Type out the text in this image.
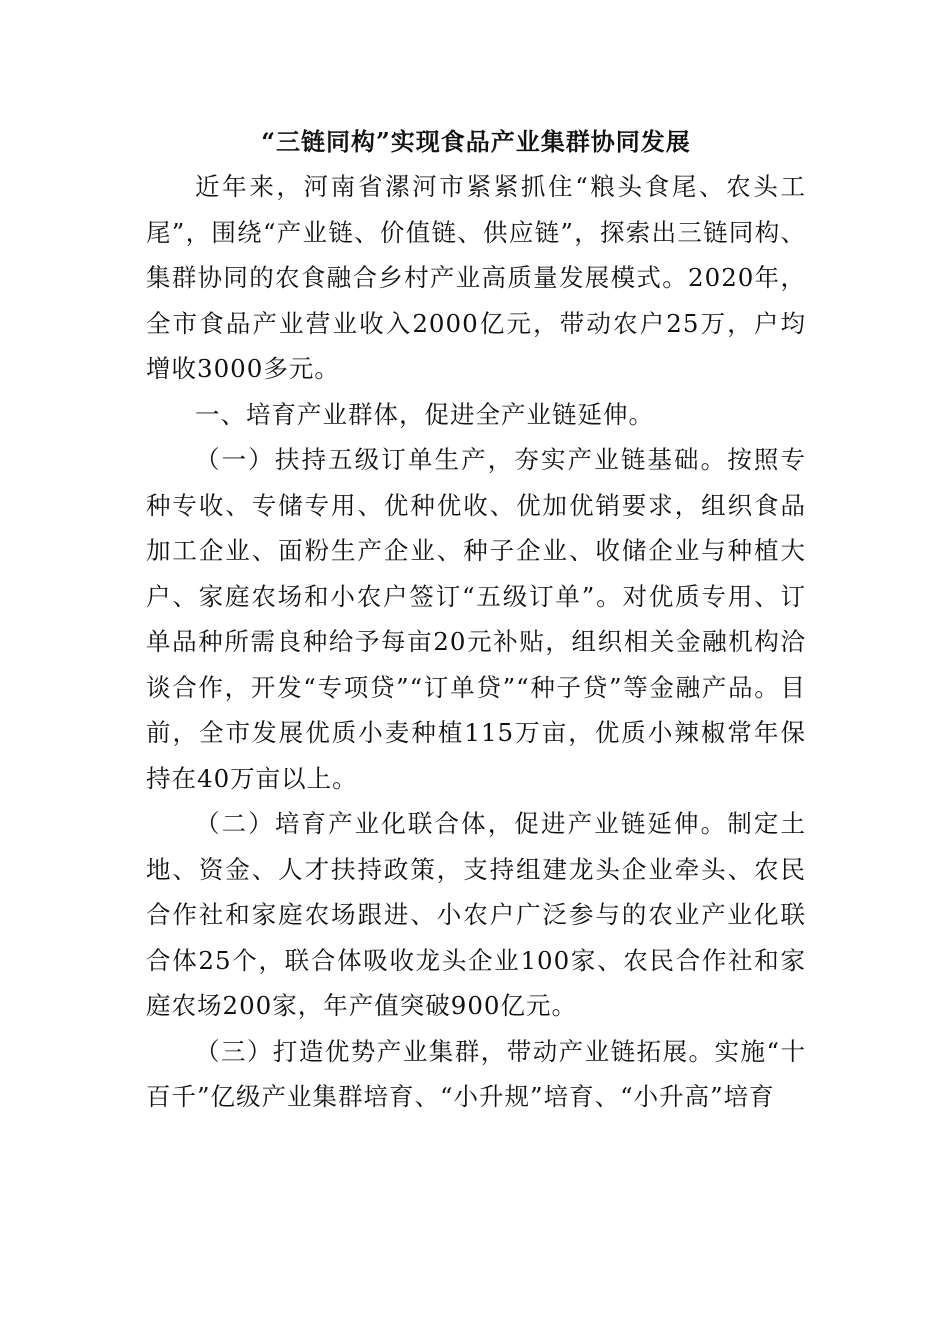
“三链同构”实现食品产业集群协同发展

近年来，河南省漯河市紧紧抓住“粮头食尾、农头工尾”，围绕“产业链、价值链、供应链”，探索出三链同构、集群协同的农食融合乡村产业高质量发展模式。2020年，全市食品产业营业收入2000亿元，带动农户25万，户均增收3000多元。

一、培育产业群体，促进全产业链延伸。

（一）扶持五级订单生产，夯实产业链基础。按照专种专收、专储专用、优种优收、优加优销要求，组织食品加工企业、面粉生产企业、种子企业、收储企业与种植大户、家庭农场和小农户签订“五级订单”。对优质专用、订单品种所需良种给予每亩20元补贴，组织相关金融机构洽谈合作，开发“专项贷”“订单贷”“种子贷”等金融产品。目前，全市发展优质小麦种植115万亩，优质小辣椒常年保持在40万亩以上。

（二）培育产业化联合体，促进产业链延伸。制定土地、资金、人才扶持政策，支持组建龙头企业牵头、农民合作社和家庭农场跟进、小农户广泛参与的农业产业化联合体25个，联合体吸收龙头企业100家、农民合作社和家庭农场200家，年产值突破900亿元。

（三）打造优势产业集群，带动产业链拓展。实施“十百千”亿级产业集群培育、“小升规”培育、“小升高”培育
